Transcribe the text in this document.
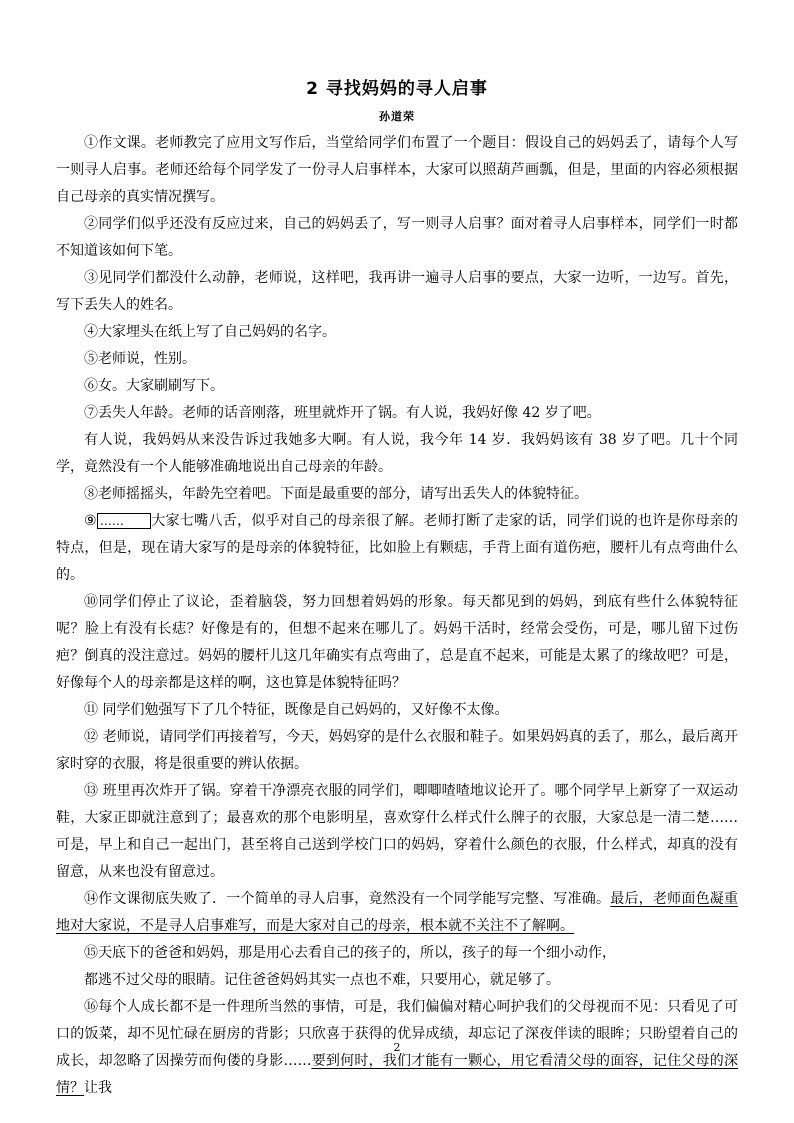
2 寻找妈妈的寻人启事
孙道荣

①作文课。老师教完了应用文写作后，当堂给同学们布置了一个题目：假设自己的妈妈丢了，请每个人写一则寻人启事。老师还给每个同学发了一份寻人启事样本，大家可以照葫芦画瓢，但是，里面的内容必须根据自己母亲的真实情况撰写。

②同学们似乎还没有反应过来，自己的妈妈丢了，写一则寻人启事？面对着寻人启事样本，同学们一时都不知道该如何下笔。

③见同学们都没什么动静，老师说，这样吧，我再讲一遍寻人启事的要点，大家一边听，一边写。首先，写下丢失人的姓名。

④大家埋头在纸上写了自己妈妈的名字。

⑤老师说，性别。

⑥女。大家刷刷写下。

⑦丢失人年龄。老师的话音刚落，班里就炸开了锅。有人说，我妈好像 42 岁了吧。

有人说，我妈妈从来没告诉过我她多大啊。有人说，我今年 14 岁．我妈妈该有 38 岁了吧。几十个同学，竟然没有一个人能够准确地说出自己母亲的年龄。

⑧老师摇摇头，年龄先空着吧。下面是最重要的部分，请写出丢失人的体貌特征。

⑨ …… 大家七嘴八舌，似乎对自己的母亲很了解。老师打断了走家的话，同学们说的也许是你母亲的特点，但是，现在请大家写的是母亲的体貌特征，比如脸上有颗痣，手背上面有道伤疤，腰杆儿有点弯曲什么的。

⑩同学们停止了议论，歪着脑袋，努力回想着妈妈的形象。每天都见到的妈妈，到底有些什么体貌特征呢？脸上有没有长痣？好像是有的，但想不起来在哪儿了。妈妈干活时，经常会受伤，可是，哪儿留下过伤疤？倒真的没注意过。妈妈的腰杆儿这几年确实有点弯曲了，总是直不起来，可能是太累了的缘故吧？可是，好像每个人的母亲都是这样的啊，这也算是体貌特征吗？

⑪ 同学们勉强写下了几个特征，既像是自己妈妈的，又好像不太像。

⑫ 老师说，请同学们再接着写，今天，妈妈穿的是什么衣服和鞋子。如果妈妈真的丢了，那么，最后离开家时穿的衣服，将是很重要的辨认依据。

⑬ 班里再次炸开了锅。穿着干净漂亮衣服的同学们，唧唧喳喳地议论开了。哪个同学早上新穿了一双运动鞋，大家正即就注意到了；最喜欢的那个电影明星，喜欢穿什么样式什么牌子的衣服，大家总是一清二楚……可是，早上和自己一起出门，甚至将自己送到学校门口的妈妈，穿着什么颜色的衣服，什么样式，却真的没有留意，从来也没有留意过。

⑭作文课彻底失败了．一个简单的寻人启事，竟然没有一个同学能写完整、写准确。最后，老师面色凝重地对大家说，不是寻人启事难写，而是大家对自己的母亲，根本就不关注不了解啊。

⑮天底下的爸爸和妈妈，那是用心去看自己的孩子的，所以，孩子的每一个细小动作，

都逃不过父母的眼睛。记住爸爸妈妈其实一点也不难，只要用心，就足够了。

⑯每个人成长都不是一件理所当然的事情，可是，我们偏偏对精心呵护我们的父母视而不见：只看见了可口的饭菜，却不见忙碌在厨房的背影；只欣喜于获得的优异成绩，却忘记了深夜伴读的眼眸；只盼望着自己的成长，却忽略了因操劳而佝偻的身影……要到何时，我们才能有一颗心，用它看清父母的面容，记住父母的深情？让我

2
